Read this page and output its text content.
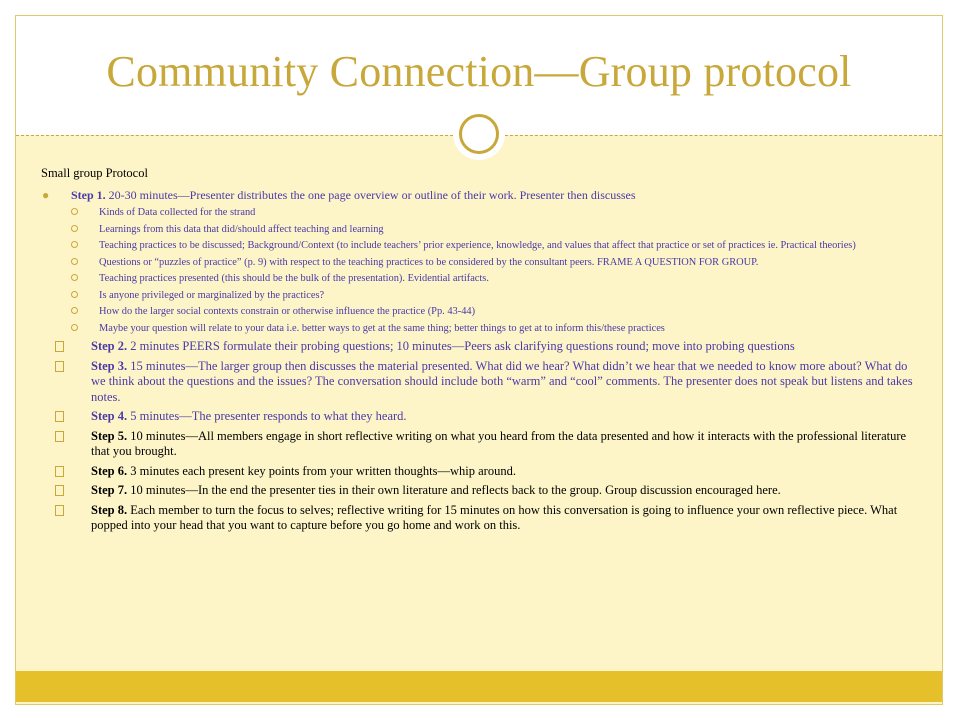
Community Connection—Group protocol
Small group Protocol
● Step 1. 20-30 minutes—Presenter distributes the one page overview or outline of their work. Presenter then discusses
Kinds of Data collected for the strand
Learnings from this data that did/should affect teaching and learning
Teaching practices to be discussed; Background/Context (to include teachers’ prior experience, knowledge, and values that affect that practice or set of practices ie. Practical theories)
Questions or “puzzles of practice” (p. 9) with respect to the teaching practices to be considered by the consultant peers. FRAME A QUESTION FOR GROUP.
Teaching practices presented (this should be the bulk of the presentation). Evidential artifacts.
Is anyone privileged or marginalized by the practices?
How do the larger social contexts constrain or otherwise influence the practice (Pp. 43-44)
Maybe your question will relate to your data i.e. better ways to get at the same thing; better things to get at to inform this/these practices
Step 2. 2 minutes PEERS formulate their probing questions; 10 minutes—Peers ask clarifying questions round; move into probing questions
Step 3. 15 minutes—The larger group then discusses the material presented. What did we hear? What didn’t we hear that we needed to know more about? What do we think about the questions and the issues? The conversation should include both “warm” and “cool” comments. The presenter does not speak but listens and takes notes.
Step 4. 5 minutes—The presenter responds to what they heard.
Step 5. 10 minutes—All members engage in short reflective writing on what you heard from the data presented and how it interacts with the professional literature that you brought.
Step 6. 3 minutes each present key points from your written thoughts—whip around.
Step 7. 10 minutes—In the end the presenter ties in their own literature and reflects back to the group. Group discussion encouraged here.
Step 8. Each member to turn the focus to selves; reflective writing for 15 minutes on how this conversation is going to influence your own reflective piece. What popped into your head that you want to capture before you go home and work on this.
